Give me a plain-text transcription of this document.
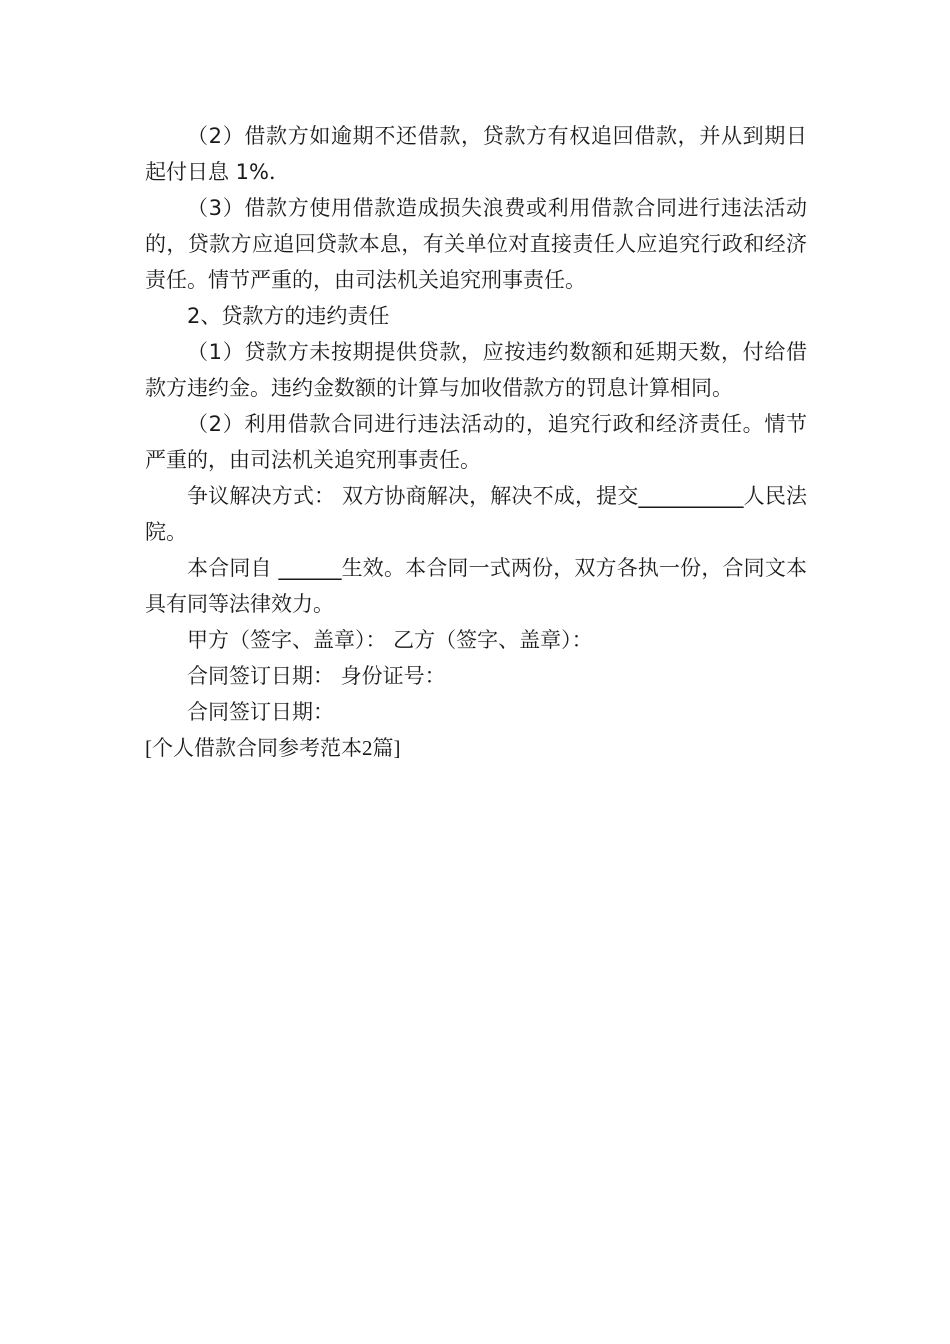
（2）借款方如逾期不还借款，贷款方有权追回借款，并从到期日起付日息 1%．

（3）借款方使用借款造成损失浪费或利用借款合同进行违法活动的，贷款方应追回贷款本息，有关单位对直接责任人应追究行政和经济责任。情节严重的，由司法机关追究刑事责任。

2、贷款方的违约责任

（1）贷款方未按期提供贷款，应按违约数额和延期天数，付给借款方违约金。违约金数额的计算与加收借款方的罚息计算相同。

（2）利用借款合同进行违法活动的，追究行政和经济责任。情节严重的，由司法机关追究刑事责任。

争议解决方式： 双方协商解决，解决不成，提交__________人民法院。

本合同自 ______生效。本合同一式两份，双方各执一份，合同文本具有同等法律效力。

甲方（签字、盖章）： 乙方（签字、盖章）：

合同签订日期： 身份证号：

合同签订日期：

[个人借款合同参考范本2篇]
